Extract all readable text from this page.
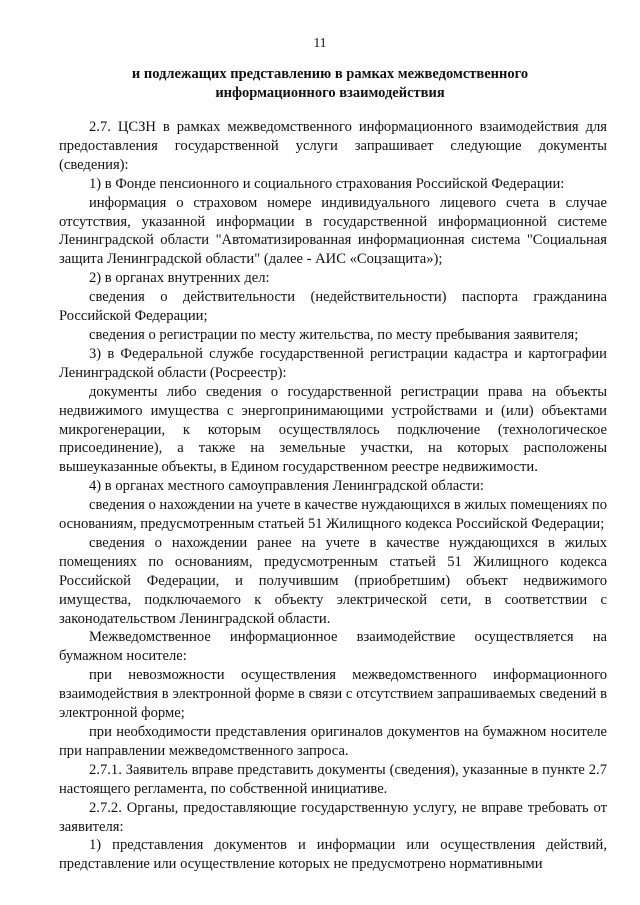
11
и подлежащих представлению в рамках межведомственного
информационного взаимодействия

2.7. ЦСЗН в рамках межведомственного информационного взаимодействия для предоставления государственной услуги запрашивает следующие документы (сведения):

1) в Фонде пенсионного и социального страхования Российской Федерации:

информация о страховом номере индивидуального лицевого счета в случае отсутствия, указанной информации в государственной информационной системе Ленинградской области "Автоматизированная информационная система "Социальная защита Ленинградской области" (далее - АИС «Соцзащита»);

2) в органах внутренних дел:

сведения о действительности (недействительности) паспорта гражданина Российской Федерации;

сведения о регистрации по месту жительства, по месту пребывания заявителя;

3) в Федеральной службе государственной регистрации кадастра и картографии Ленинградской области (Росреестр):

документы либо сведения о государственной регистрации права на объекты недвижимого имущества с энергопринимающими устройствами и (или) объектами микрогенерации, к которым осуществлялось подключение (технологическое присоединение), а также на земельные участки, на которых расположены вышеуказанные объекты, в Едином государственном реестре недвижимости.

4) в органах местного самоуправления Ленинградской области:

сведения о нахождении на учете в качестве нуждающихся в жилых помещениях по основаниям, предусмотренным статьей 51 Жилищного кодекса Российской Федерации;

сведения о нахождении ранее на учете в качестве нуждающихся в жилых помещениях по основаниям, предусмотренным статьей 51 Жилищного кодекса Российской Федерации, и получившим (приобретшим) объект недвижимого имущества, подключаемого к объекту электрической сети, в соответствии с законодательством Ленинградской области.

Межведомственное информационное взаимодействие осуществляется на бумажном носителе:

при невозможности осуществления межведомственного информационного взаимодействия в электронной форме в связи с отсутствием запрашиваемых сведений в электронной форме;

при необходимости представления оригиналов документов на бумажном носителе при направлении межведомственного запроса.

2.7.1. Заявитель вправе представить документы (сведения), указанные в пункте 2.7 настоящего регламента, по собственной инициативе.

2.7.2. Органы, предоставляющие государственную услугу, не вправе требовать от заявителя:

1) представления документов и информации или осуществления действий, представление или осуществление которых не предусмотрено нормативными
